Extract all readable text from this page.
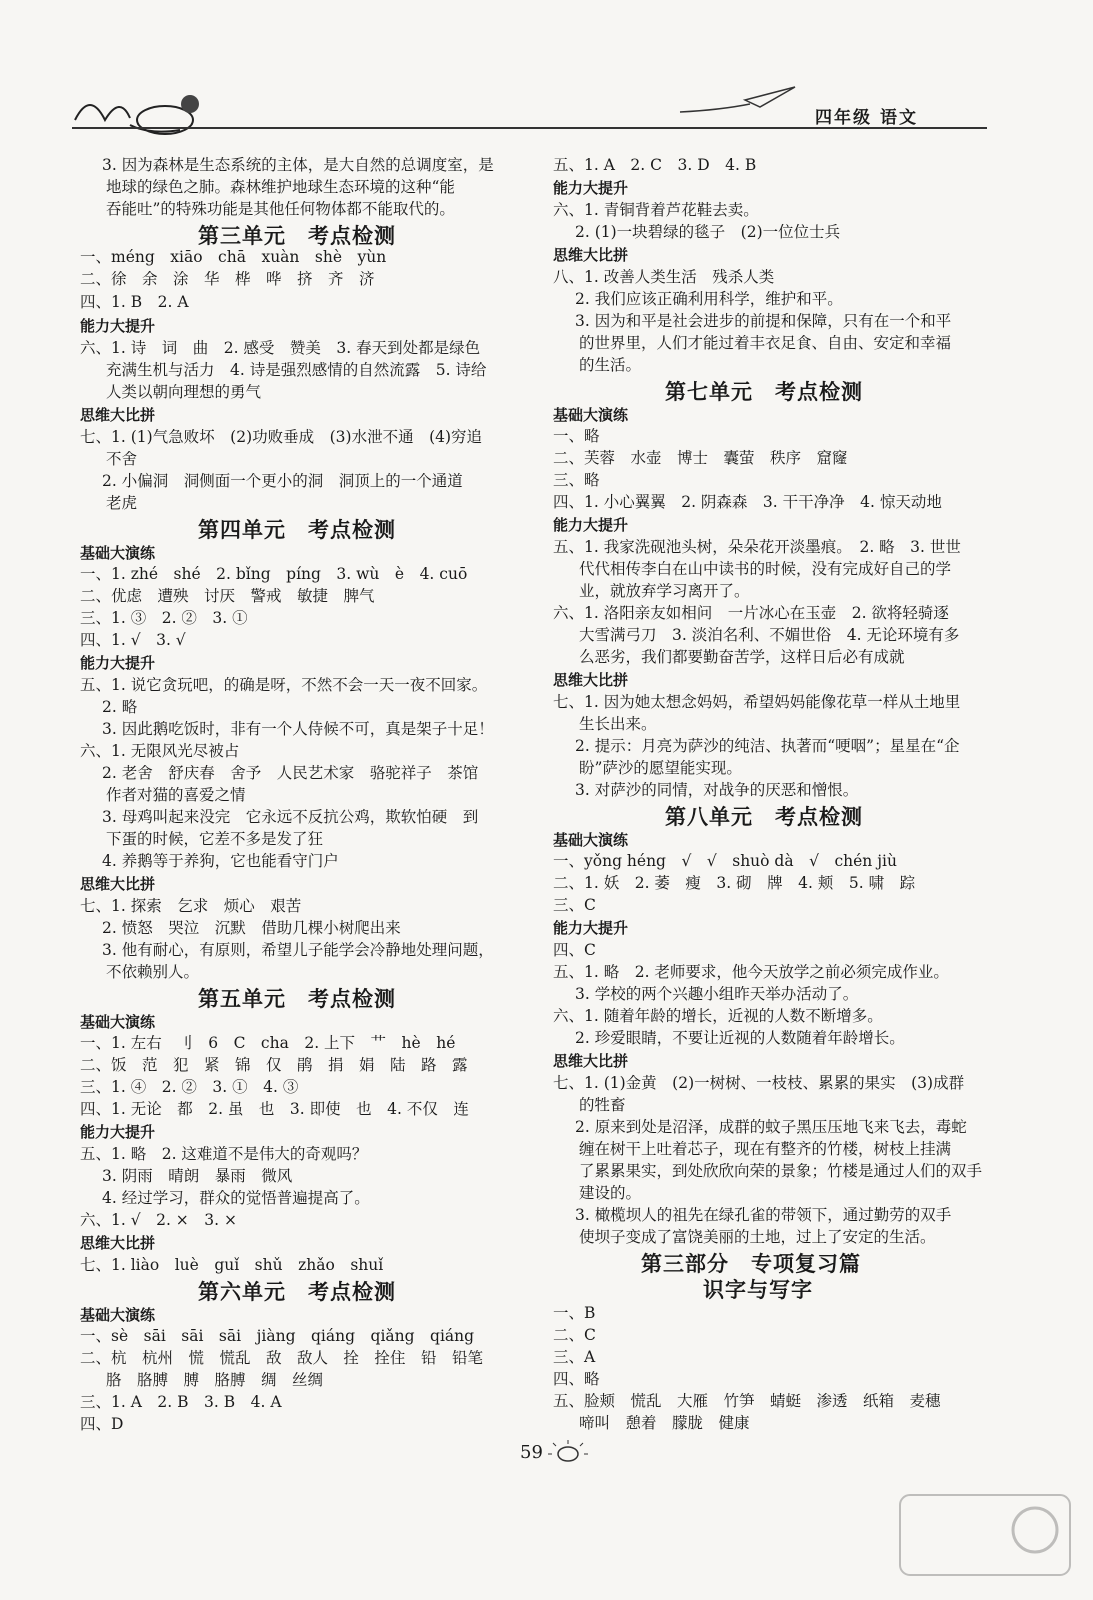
四年级 语文
3. 因为森林是生态系统的主体，是大自然的总调度室，是
地球的绿色之肺。森林维护地球生态环境的这种“能
吞能吐”的特殊功能是其他任何物体都不能取代的。
第三单元　考点检测
一、méng　xiāo　chā　xuàn　shè　yùn
二、徐　余　涂　华　桦　哗　挤　齐　济
四、1. B　2. A
能力大提升
六、1. 诗　词　曲　2. 感受　赞美　3. 春天到处都是绿色
充满生机与活力　4. 诗是强烈感情的自然流露　5. 诗给
人类以朝向理想的勇气
思维大比拼
七、1. (1)气急败坏　(2)功败垂成　(3)水泄不通　(4)穷追
不舍
2. 小偏洞　洞侧面一个更小的洞　洞顶上的一个通道
老虎
第四单元　考点检测
基础大演练
一、1. zhé　shé　2. bǐng　píng　3. wù　è　4. cuō
二、优虑　遭殃　讨厌　警戒　敏捷　脾气
三、1. ③　2. ②　3. ①
四、1. √　3. √
能力大提升
五、1. 说它贪玩吧，的确是呀，不然不会一天一夜不回家。
2. 略
3. 因此鹅吃饭时，非有一个人侍候不可，真是架子十足！
六、1. 无限风光尽被占
2. 老舍　舒庆春　舍予　人民艺术家　骆驼祥子　茶馆
作者对猫的喜爱之情
3. 母鸡叫起来没完　它永远不反抗公鸡，欺软怕硬　到
下蛋的时候，它差不多是发了狂
4. 养鹅等于养狗，它也能看守门户
思维大比拼
七、1. 探索　乞求　烦心　艰苦
2. 愤怒　哭泣　沉默　借助几棵小树爬出来
3. 他有耐心，有原则，希望儿子能学会冷静地处理问题，
不依赖别人。
第五单元　考点检测
基础大演练
一、1. 左右　刂　6　C　cha　2. 上下　艹　hè　hé
二、饭　范　犯　紧　锦　仅　鹃　捐　娟　陆　路　露
三、1. ④　2. ②　3. ①　4. ③
四、1. 无论　都　2. 虽　也　3. 即使　也　4. 不仅　连
能力大提升
五、1. 略　2. 这难道不是伟大的奇观吗？
3. 阴雨　晴朗　暴雨　微风
4. 经过学习，群众的觉悟普遍提高了。
六、1. √　2. ×　3. ×
思维大比拼
七、1. liào　luè　guǐ　shǔ　zhǎo　shuǐ
第六单元　考点检测
基础大演练
一、sè　sāi　sāi　sāi　jiàng　qiáng　qiǎng　qiáng
二、杭　杭州　慌　慌乱　敌　敌人　拴　拴住　铅　铅笔
胳　胳膊　膊　胳膊　绸　丝绸
三、1. A　2. B　3. B　4. A
四、D
五、1. A　2. C　3. D　4. B
能力大提升
六、1. 青铜背着芦花鞋去卖。
2. (1)一块碧绿的毯子　(2)一位位士兵
思维大比拼
八、1. 改善人类生活　残杀人类
2. 我们应该正确利用科学，维护和平。
3. 因为和平是社会进步的前提和保障，只有在一个和平
的世界里，人们才能过着丰衣足食、自由、安定和幸福
的生活。
第七单元　考点检测
基础大演练
一、略
二、芙蓉　水壶　博士　囊萤　秩序　窟窿
三、略
四、1. 小心翼翼　2. 阴森森　3. 干干净净　4. 惊天动地
能力大提升
五、1. 我家洗砚池头树，朵朵花开淡墨痕。　2. 略　3. 世世
代代相传李白在山中读书的时候，没有完成好自己的学
业，就放弃学习离开了。
六、1. 洛阳亲友如相问　一片冰心在玉壶　2. 欲将轻骑逐
大雪满弓刀　3. 淡泊名利、不媚世俗　4. 无论环境有多
么恶劣，我们都要勤奋苦学，这样日后必有成就
思维大比拼
七、1. 因为她太想念妈妈，希望妈妈能像花草一样从土地里
生长出来。
2. 提示：月亮为萨沙的纯洁、执著而“哽咽”；星星在“企
盼”萨沙的愿望能实现。
3. 对萨沙的同情，对战争的厌恶和憎恨。
第八单元　考点检测
基础大演练
一、yǒng héng　√　√　shuò dà　√　chén jiù
二、1. 妖　2. 萎　瘦　3. 砌　牌　4. 颊　5. 啸　踪
三、C
能力大提升
四、C
五、1. 略　2. 老师要求，他今天放学之前必须完成作业。
3. 学校的两个兴趣小组昨天举办活动了。
六、1. 随着年龄的增长，近视的人数不断增多。
2. 珍爱眼睛，不要让近视的人数随着年龄增长。
思维大比拼
七、1. (1)金黄　(2)一树树、一枝枝、累累的果实　(3)成群
的牲畜
2. 原来到处是沼泽，成群的蚊子黑压压地飞来飞去，毒蛇
缠在树干上吐着芯子，现在有整齐的竹楼，树枝上挂满
了累累果实，到处欣欣向荣的景象；竹楼是通过人们的双手
建设的。
3. 橄榄坝人的祖先在绿孔雀的带领下，通过勤劳的双手
使坝子变成了富饶美丽的土地，过上了安定的生活。
第三部分　专项复习篇
识字与写字
一、B
二、C
三、A
四、略
五、脸颊　慌乱　大雁　竹笋　蜻蜓　渗透　纸箱　麦穗
啼叫　憩着　朦胧　健康
59
